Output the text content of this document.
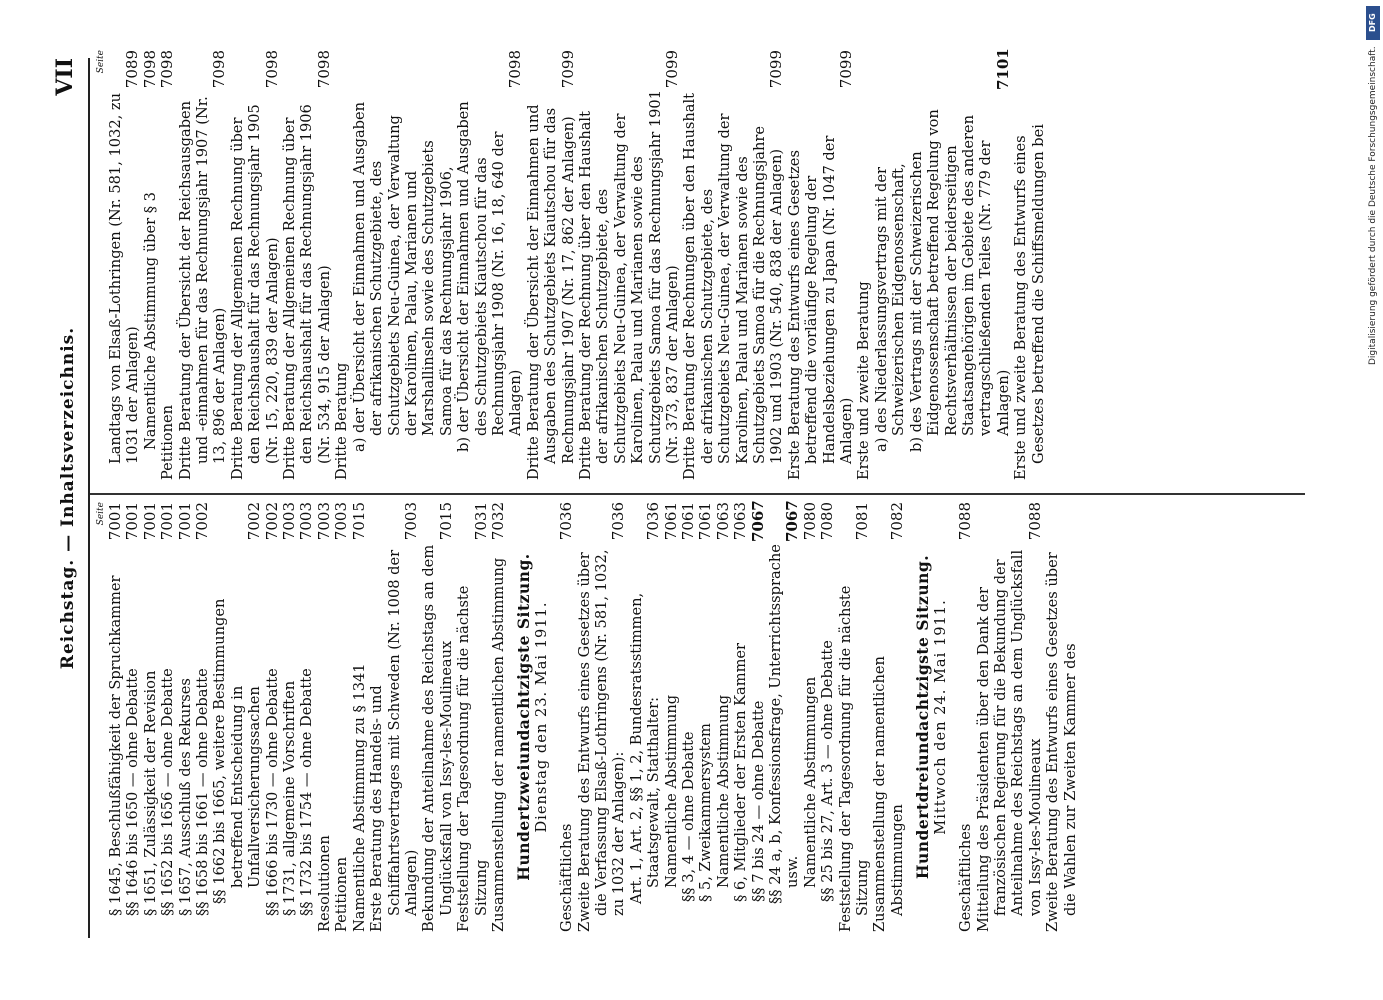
Reichstag. — Inhaltsverzeichnis.
VII
Seite
§ 1645, Beschlußfähigkeit der Spruchkammer
7001
§§ 1646 bis 1650 — ohne Debatte
7001
§ 1651, Zulässigkeit der Revision
7001
§§ 1652 bis 1656 — ohne Debatte
7001
§ 1657, Ausschluß des Rekurses
7001
§§ 1658 bis 1661 — ohne Debatte
7002
§§ 1662 bis 1665, weitere Bestimmungen betreffend Entscheidung in Unfallversicherungssachen
7002
§§ 1666 bis 1730 — ohne Debatte
7002
§ 1731, allgemeine Vorschriften
7003
§§ 1732 bis 1754 — ohne Debatte
7003
Resolutionen
7003
Petitionen
7003
Namentliche Abstimmung zu § 1341
7015
Erste Beratung des Handels- und Schiffahrtsvertrages mit Schweden (Nr. 1008 der Anlagen)
7003
Bekundung der Anteilnahme des Reichstags an dem Unglücksfall von Issy-les-Moulineaux
7015
Feststellung der Tagesordnung für die nächste Sitzung
7031
Zusammenstellung der namentlichen Abstimmung
7032
Hundertzweiundachtzigste Sitzung. Dienstag den 23. Mai 1911.
Geschäftliches
7036
Zweite Beratung des Entwurfs eines Gesetzes über die Verfassung Elsaß-Lothringens (Nr. 581, 1032, zu 1032 der Anlagen):
7036
Art. 1, Art. 2, §§ 1, 2, Bundesratsstimmen, Staatsgewalt, Statthalter:
7036
Namentliche Abstimmung
7061
§§ 3, 4 — ohne Debatte
7061
§ 5, Zweikammersystem
7061
Namentliche Abstimmung
7063
§ 6, Mitglieder der Ersten Kammer
7063
§§ 7 bis 24 — ohne Debatte
7067
§§ 24 a, b, Konfessionsfrage, Unterrichtssprache usw.
7067
Namentliche Abstimmungen
7080
§§ 25 bis 27, Art. 3 — ohne Debatte
7080
Feststellung der Tagesordnung für die nächste Sitzung
7081
Zusammenstellung der namentlichen Abstimmungen
7082
Hundertdreiundachtzigste Sitzung. Mittwoch den 24. Mai 1911.
Geschäftliches
7088
Mitteilung des Präsidenten über den Dank der französischen Regierung für die Bekundung der Anteilnahme des Reichstags an dem Unglücksfall von Issy-les-Moulineaux
7088
Zweite Beratung des Entwurfs eines Gesetzes über die Wahlen zur Zweiten Kammer des
Seite
Landtags von Elsaß-Lothringen (Nr. 581, 1032, zu 1031 der Anlagen)
7089
Namentliche Abstimmung über § 3
7098
Petitionen
7098
Dritte Beratung der Übersicht der Reichsausgaben und -einnahmen für das Rechnungsjahr 1907 (Nr. 13, 896 der Anlagen)
7098
Dritte Beratung der Allgemeinen Rechnung über den Reichshaushalt für das Rechnungsjahr 1905 (Nr. 15, 220, 839 der Anlagen)
7098
Dritte Beratung der Allgemeinen Rechnung über den Reichshaushalt für das Rechnungsjahr 1906 (Nr. 534, 915 der Anlagen)
7098
Dritte Beratung a) der Übersicht der Einnahmen und Ausgaben der afrikanischen Schutzgebiete, des Schutzgebiets Neu-Guinea, der Verwaltung der Karolinen, Palau, Marianen und Marshallinseln sowie des Schutzgebiets Samoa für das Rechnungsjahr 1906, b) der Übersicht der Einnahmen und Ausgaben des Schutzgebiets Kiautschou für das Rechnungsjahr 1908 (Nr. 16, 18, 640 der Anlagen)
7098
Dritte Beratung der Übersicht der Einnahmen und Ausgaben des Schutzgebiets Kiautschou für das Rechnungsjahr 1907 (Nr. 17, 862 der Anlagen)
7099
Dritte Beratung der Rechnung über den Haushalt der afrikanischen Schutzgebiete, des Schutzgebiets Neu-Guinea, der Verwaltung der Karolinen, Palau und Marianen sowie des Schutzgebiets Samoa für das Rechnungsjahr 1901 (Nr. 373, 837 der Anlagen)
7099
Dritte Beratung der Rechnungen über den Haushalt der afrikanischen Schutzgebiete, des Schutzgebiets Neu-Guinea, der Verwaltung der Karolinen, Palau und Marianen sowie des Schutzgebiets Samoa für die Rechnungsjahre 1902 und 1903 (Nr. 540, 838 der Anlagen)
7099
Erste Beratung des Entwurfs eines Gesetzes betreffend die vorläufige Regelung der Handelsbeziehungen zu Japan (Nr. 1047 der Anlagen)
7099
Erste und zweite Beratung a) des Niederlassungsvertrags mit der Schweizerischen Eidgenossenschaft, b) des Vertrags mit der Schweizerischen Eidgenossenschaft betreffend Regelung von Rechtsverhältnissen der beiderseitigen Staatsangehörigen im Gebiete des anderen vertragschließenden Teiles (Nr. 779 der Anlagen)
7101
Erste und zweite Beratung des Entwurfs eines Gesetzes betreffend die Schiffsmeldungen bei
DFG
Digitalisierung gefördert durch die Deutsche Forschungsgemeinschaft.
